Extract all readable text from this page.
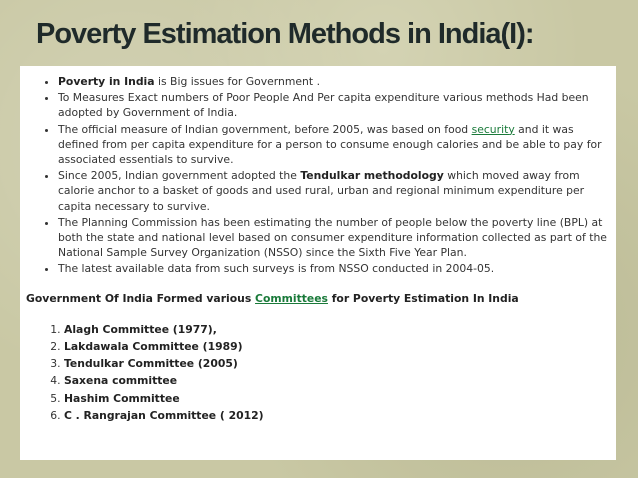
Poverty Estimation Methods in India(I):
• Poverty in India is Big issues for Government .
• To Measures Exact numbers of Poor People And Per capita expenditure various methods Had been adopted by Government of India.
• The official measure of Indian government, before 2005, was based on food security and it was defined from per capita expenditure for a person to consume enough calories and be able to pay for associated essentials to survive.
• Since 2005, Indian government adopted the Tendulkar methodology which moved away from calorie anchor to a basket of goods and used rural, urban and regional minimum expenditure per capita necessary to survive.
• The Planning Commission has been estimating the number of people below the poverty line (BPL) at both the state and national level based on consumer expenditure information collected as part of the National Sample Survey Organization (NSSO) since the Sixth Five Year Plan.
• The latest available data from such surveys is from NSSO conducted in 2004-05.
Government Of India Formed various Committees for Poverty Estimation In India
1. Alagh Committee (1977),
2. Lakdawala Committee (1989)
3. Tendulkar Committee (2005)
4. Saxena committee
5. Hashim Committee
6. C . Rangrajan Committee ( 2012)
